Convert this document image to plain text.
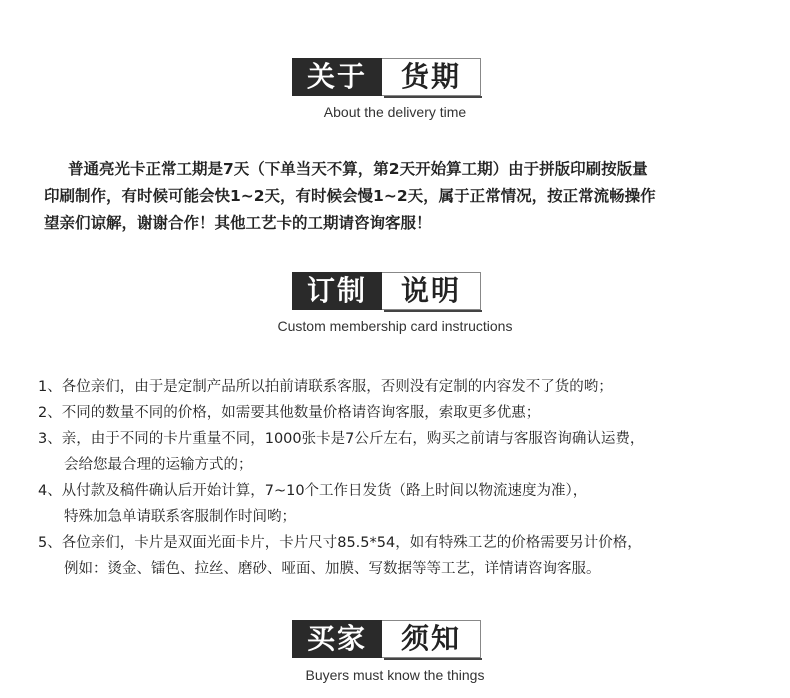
关于	货期
About the delivery time

普通亮光卡正常工期是7天（下单当天不算，第2天开始算工期）由于拼版印刷按版量

印刷制作，有时候可能会快1~2天，有时候会慢1~2天，属于正常情况，按正常流畅操作

望亲们谅解，谢谢合作！其他工艺卡的工期请咨询客服！

订制	说明
Custom membership card instructions
1、各位亲们，由于是定制产品所以拍前请联系客服，否则没有定制的内容发不了货的哟；
2、不同的数量不同的价格，如需要其他数量价格请咨询客服，索取更多优惠；
3、亲，由于不同的卡片重量不同，1000张卡是7公斤左右，购买之前请与客服咨询确认运费，
会给您最合理的运输方式的；
4、从付款及稿件确认后开始计算，7~10个工作日发货（路上时间以物流速度为准），
特殊加急单请联系客服制作时间哟；
5、各位亲们，卡片是双面光面卡片，卡片尺寸85.5*54，如有特殊工艺的价格需要另计价格，
例如：烫金、镭色、拉丝、磨砂、哑面、加膜、写数据等等工艺，详情请咨询客服。
买家	须知
Buyers must know the things
